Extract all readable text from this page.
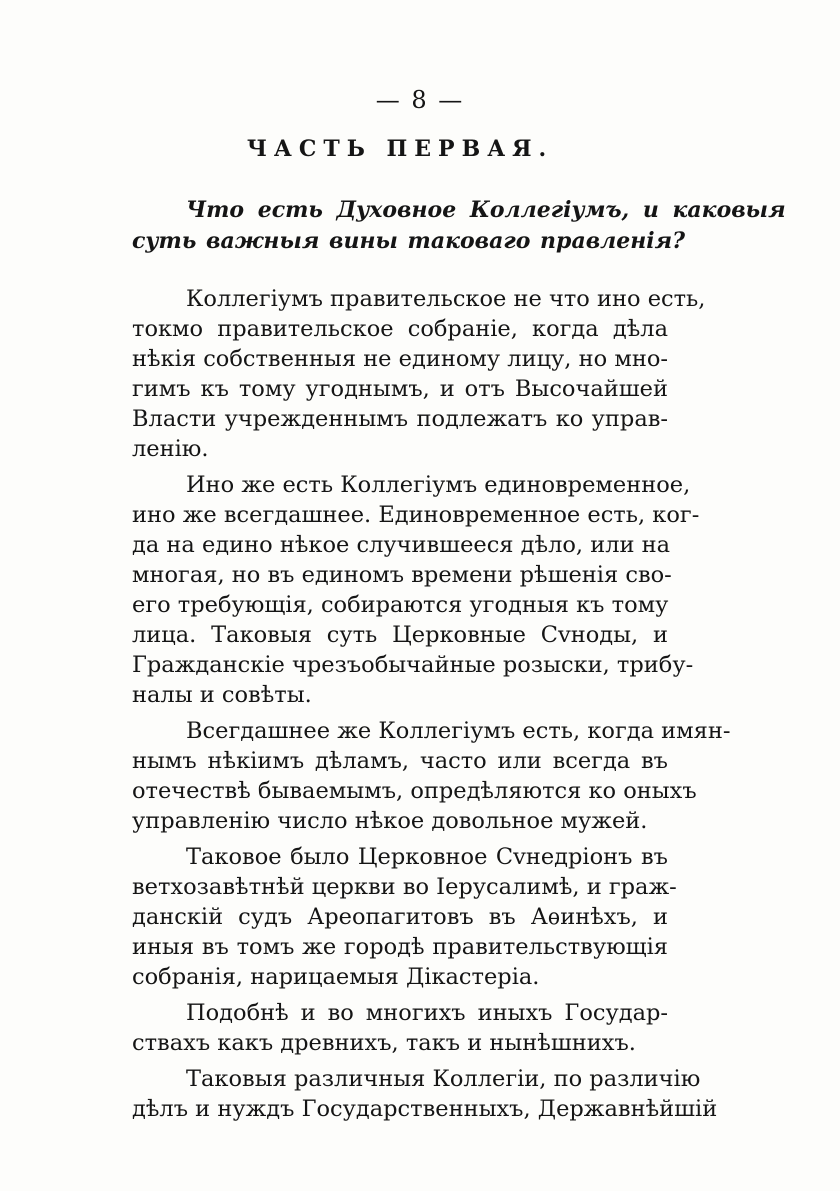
— 8 —
ЧАСТЬ ПЕРВАЯ.
Что есть Духовное Коллегіумъ, и каковыя
суть важныя вины таковаго правленія?
Коллегіумъ правительское не что ино есть,
токмо правительское собраніе, когда дѣла
нѣкія собственныя не единому лицу, но мно-
гимъ къ тому угоднымъ, и отъ Высочайшей
Власти учрежденнымъ подлежатъ ко управ-
ленію.
Ино же есть Коллегіумъ единовременное,
ино же всегдашнее. Единовременное есть, ког-
да на едино нѣкое случившееся дѣло, или на
многая, но въ единомъ времени рѣшенія сво-
его требующія, собираются угодныя къ тому
лица. Таковыя суть Церковные Сvноды, и
Гражданскіе чрезъобычайные розыски, трибу-
налы и совѣты.
Всегдашнее же Коллегіумъ есть, когда имян-
нымъ нѣкіимъ дѣламъ, часто или всегда въ
отечествѣ бываемымъ, опредѣляются ко оныхъ
управленію число нѣкое довольное мужей.
Таковое было Церковное Сvнедріонъ въ
ветхозавѣтнѣй церкви во Іерусалимѣ, и граж-
данскій судъ Ареопагитовъ въ Аѳинѣхъ, и
иныя въ томъ же городѣ правительствующія
собранія, нарицаемыя Дікастеріа.
Подобнѣ и во многихъ иныхъ Государ-
ствахъ какъ древнихъ, такъ и нынѣшнихъ.
Таковыя различныя Коллегіи, по различію
дѣлъ и нуждъ Государственныхъ, Державнѣйшій
